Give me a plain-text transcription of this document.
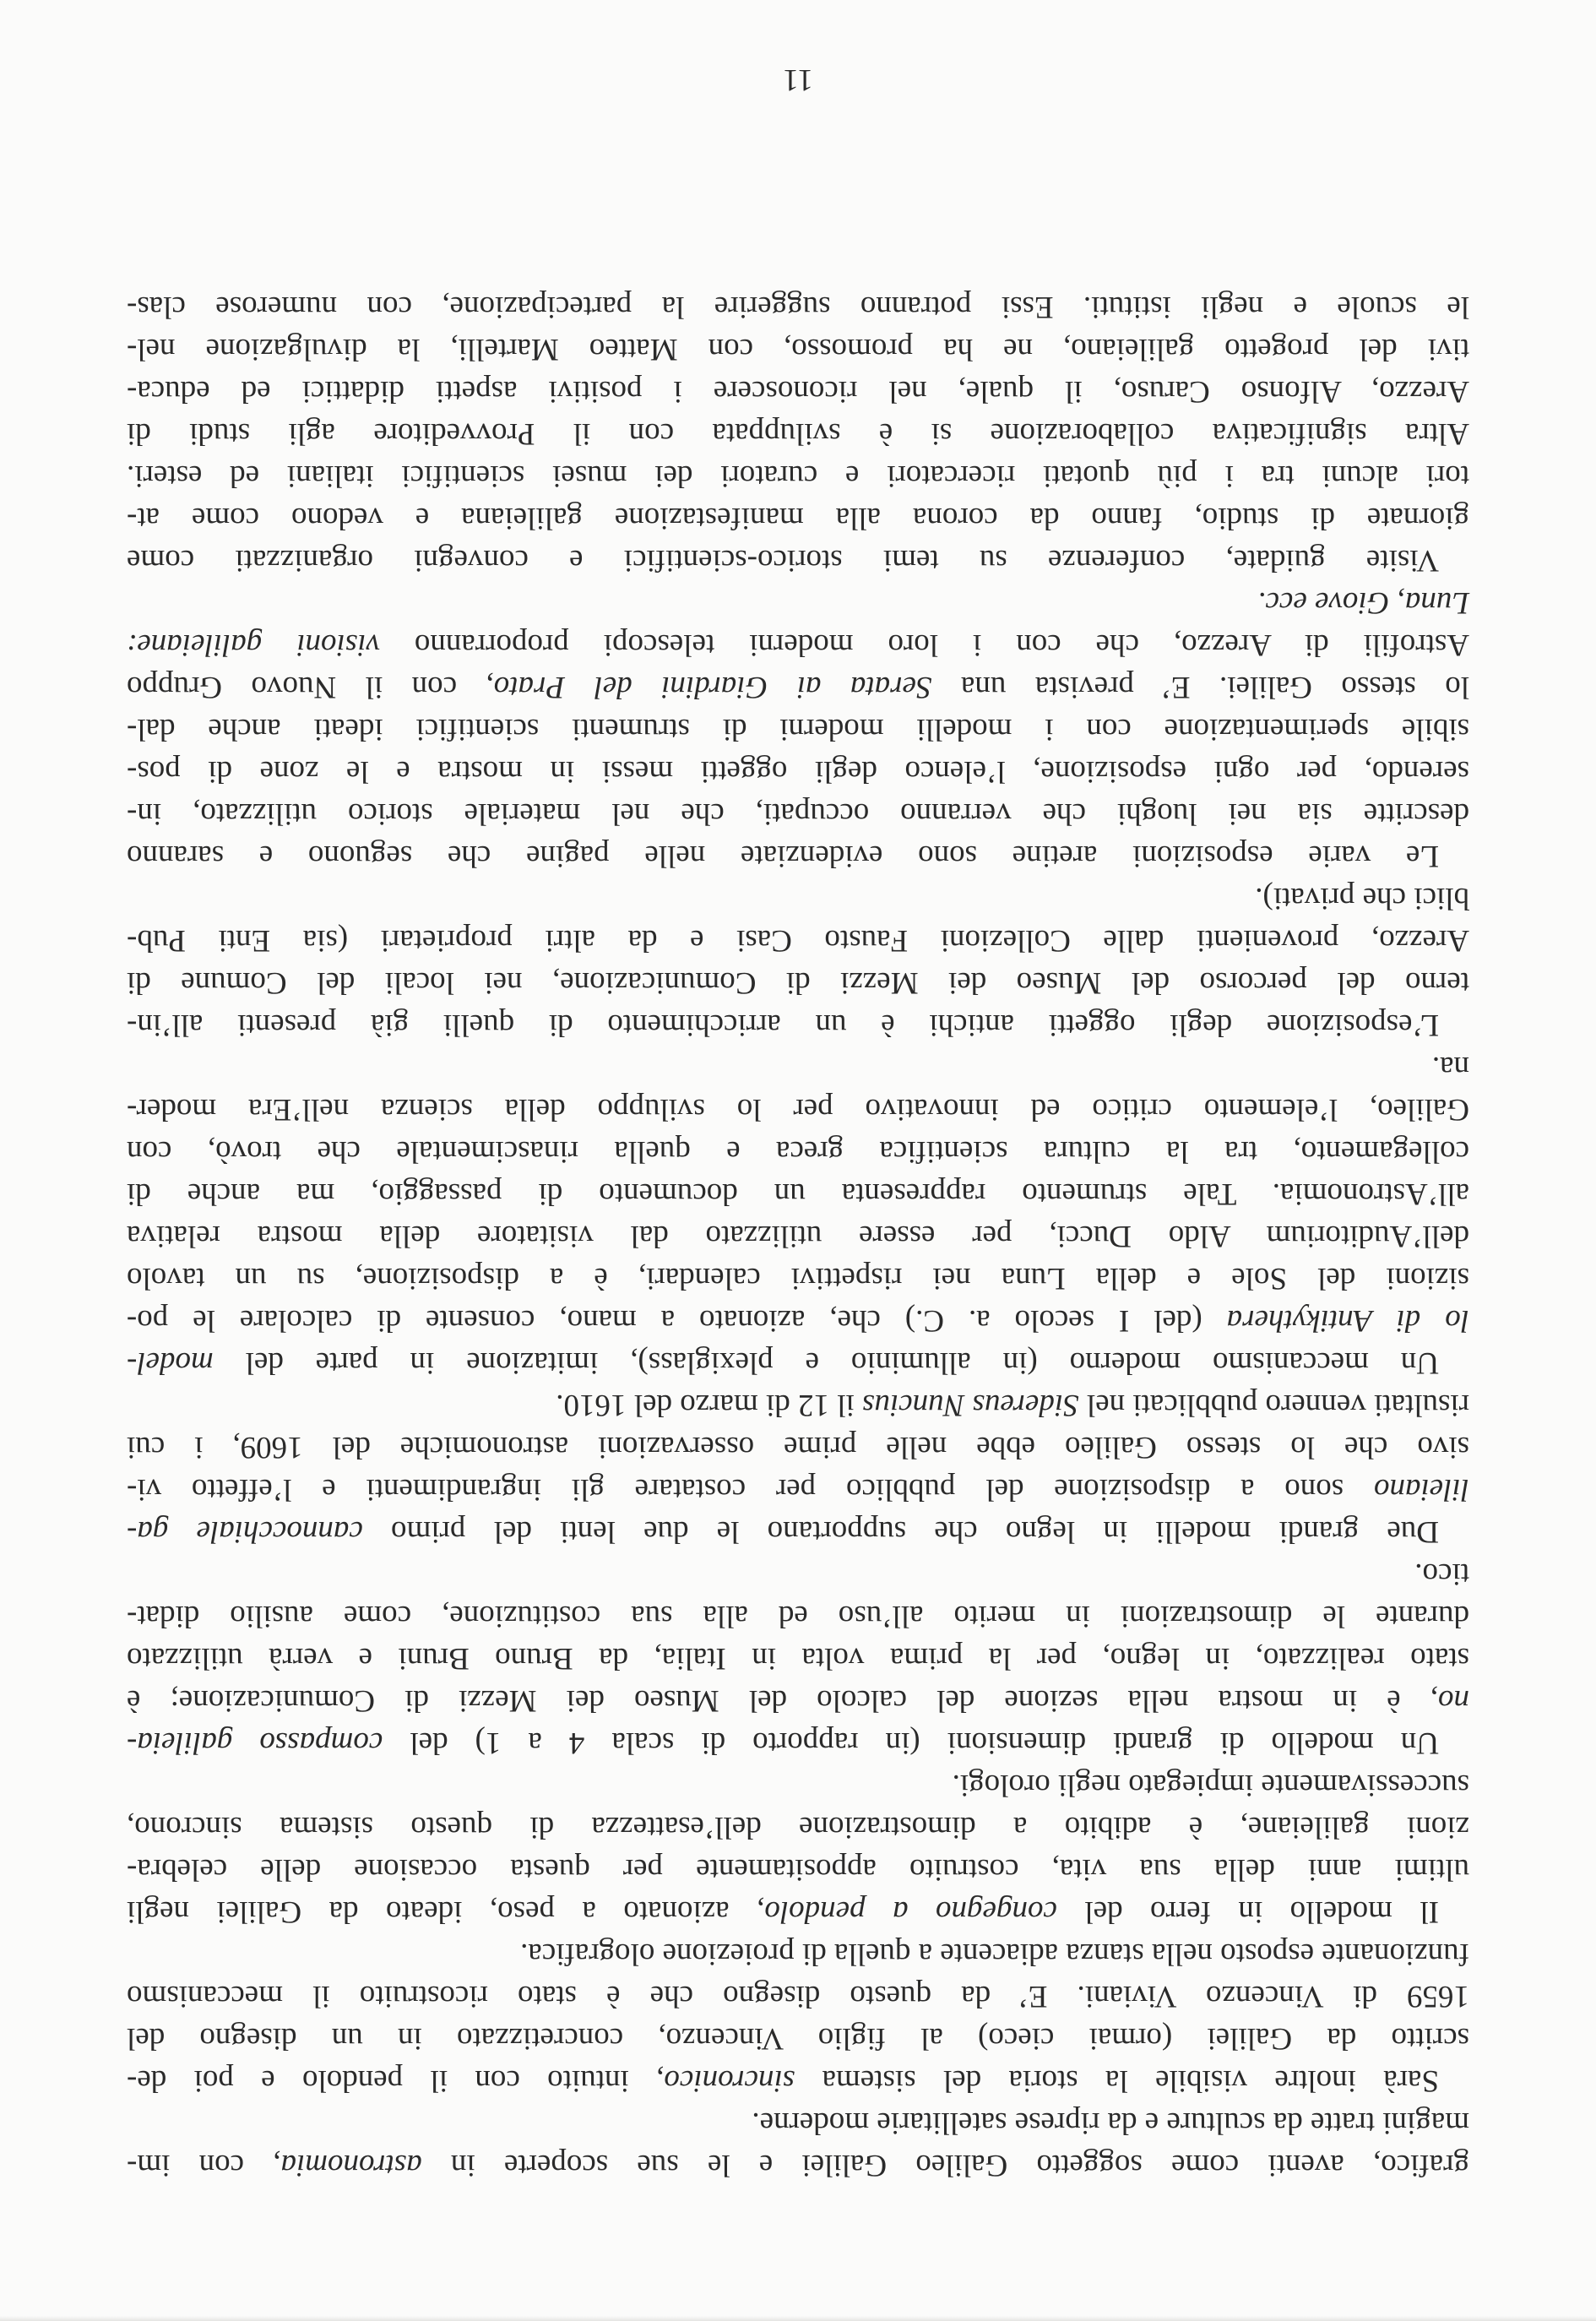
grafico, aventi come soggetto Galileo Galilei e le sue scoperte in astronomia, con im-
magini tratte da sculture e da riprese satellitarie moderne.
Sarà inoltre visibile la storia del sistema sincronico, intuito con il pendolo e poi de-
scritto da Galilei (ormai cieco) al figlio Vincenzo, concretizzato in un disegno del
1659 di Vincenzo Viviani. E’ da questo disegno che è stato ricostruito il meccanismo
funzionante esposto nella stanza adiacente a quella di proiezione olografica.
Il modello in ferro del congegno a pendolo, azionato a peso, ideato da Galilei negli
ultimi anni della sua vita, costruito appositamente per questa occasione delle celebra-
zioni galileiane, è adibito a dimostrazione dell’esattezza di questo sistema sincrono,
successivamente impiegato negli orologi.
Un modello di grandi dimensioni (in rapporto di scala 4 a 1) del compasso galileia-
no, è in mostra nella sezione del calcolo del Museo dei Mezzi di Comunicazione; è
stato realizzato, in legno, per la prima volta in Italia, da Bruno Bruni e verrà utilizzato
durante le dimostrazioni in merito all’uso ed alla sua costituzione, come ausilio didat-
tico.
Due grandi modelli in legno che supportano le due lenti del primo cannocchiale ga-
lileiano sono a disposizione del pubblico per costatare gli ingrandimenti e l’effetto vi-
sivo che lo stesso Galileo ebbe nelle prime osservazioni astronomiche del 1609, i cui
risultati vennero pubblicati nel Sidereus Nuncius il 12 di marzo del 1610.
Un meccanismo moderno (in alluminio e plexiglass), imitazione in parte del model-
lo di Antikythera (del I secolo a. C.) che, azionato a mano, consente di calcolare le po-
sizioni del Sole e della Luna nei rispettivi calendari, è a disposizione, su un tavolo
dell’Auditorium Aldo Ducci, per essere utilizzato dal visitatore della mostra relativa
all’Astronomia. Tale strumento rappresenta un documento di passaggio, ma anche di
collegamento, tra la cultura scientifica greca e quella rinascimentale che trovò, con
Galileo, l’elemento critico ed innovativo per lo sviluppo della scienza nell’Era moder-
na.
L’esposizione degli oggetti antichi è un arricchimento di quelli già presenti all’in-
terno del percorso del Museo dei Mezzi di Comunicazione, nei locali del Comune di
Arezzo, provenienti dalle Collezioni Fausto Casi e da altri proprietari (sia Enti Pub-
blici che privati).
Le varie esposizioni aretine sono evidenziate nelle pagine che seguono e saranno
descritte sia nei luoghi che verranno occupati, che nel materiale storico utilizzato, in-
serendo, per ogni esposizione, l’elenco degli oggetti messi in mostra e le zone di pos-
sibile sperimentazione con i modelli moderni di strumenti scientifici ideati anche dal-
lo stesso Galilei. E’ prevista una Serata ai Giardini del Prato, con il Nuovo Gruppo
Astrofili di Arezzo, che con i loro moderni telescopi proporranno visioni galileiane:
Luna, Giove ecc.
Visite guidate, conferenze su temi storico-scientifici e convegni organizzati come
giornate di studio, fanno da corona alla manifestazione galileiana e vedono come at-
tori alcuni tra i più quotati ricercatori e curatori dei musei scientifici italiani ed esteri.
Altra significativa collaborazione si è sviluppata con il Provveditore agli studi di
Arezzo, Alfonso Caruso, il quale, nel riconoscere i positivi aspetti didattici ed educa-
tivi del progetto galileiano, ne ha promosso, con Matteo Martelli, la divulgazione nel-
le scuole e negli istituti. Essi potranno suggerire la partecipazione, con numerose clas-
11
